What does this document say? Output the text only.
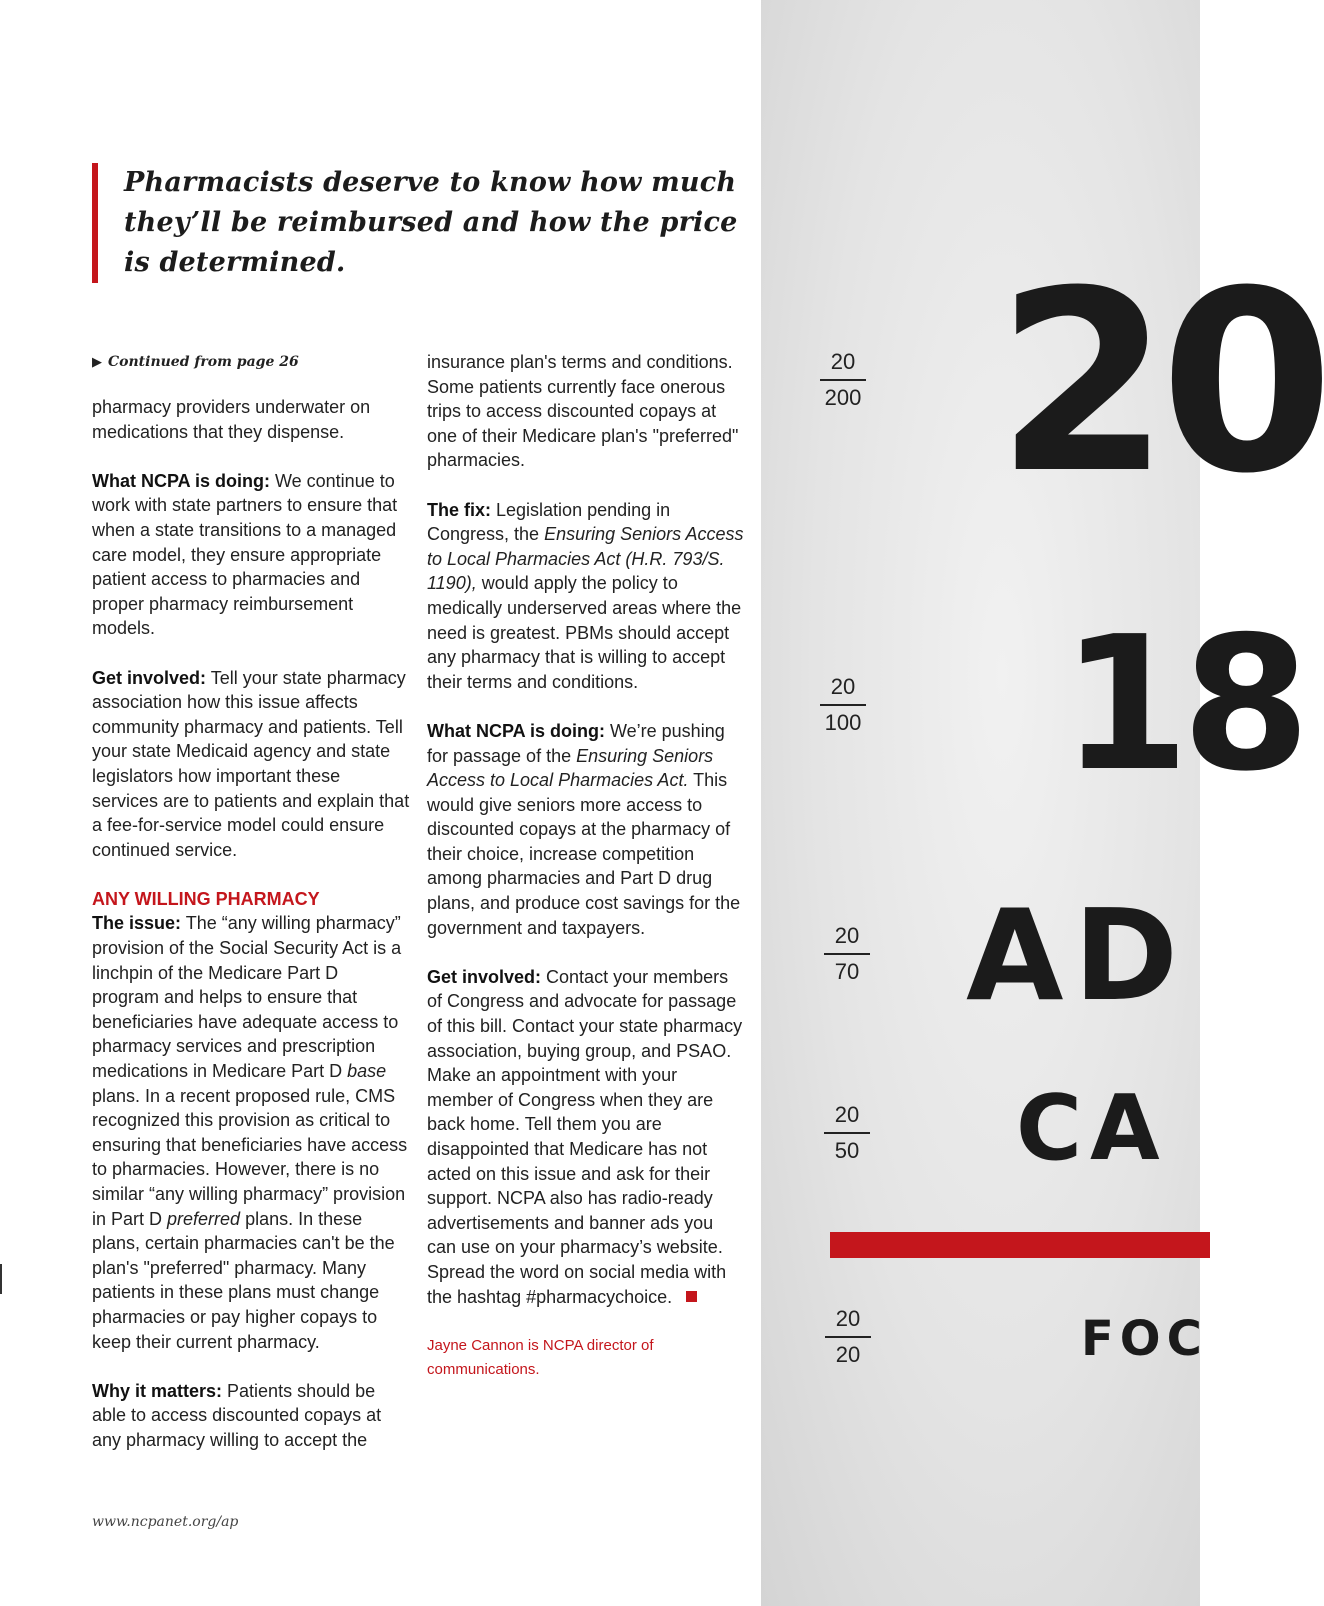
Pharmacists deserve to know how much they’ll be reimbursed and how the price is determined.

▶ Continued from page 26

pharmacy providers underwater on medications that they dispense.

What NCPA is doing: We continue to work with state partners to ensure that when a state transitions to a managed care model, they ensure appropriate patient access to pharmacies and proper pharmacy reimbursement models.

Get involved: Tell your state pharmacy association how this issue affects community pharmacy and patients. Tell your state Medicaid agency and state legislators how important these services are to patients and explain that a fee-for-service model could ensure continued service.

ANY WILLING PHARMACY

The issue: The “any willing pharmacy” provision of the Social Security Act is a linchpin of the Medicare Part D program and helps to ensure that beneficiaries have adequate access to pharmacy services and prescription medications in Medicare Part D base plans. In a recent proposed rule, CMS recognized this provision as critical to ensuring that beneficiaries have access to pharmacies. However, there is no similar “any willing pharmacy” provision in Part D preferred plans. In these plans, certain pharmacies can't be the plan's "preferred" pharmacy. Many patients in these plans must change pharmacies or pay higher copays to keep their current pharmacy.

Why it matters: Patients should be able to access discounted copays at any pharmacy willing to accept the

insurance plan's terms and conditions. Some patients currently face onerous trips to access discounted copays at one of their Medicare plan's "preferred" pharmacies.

The fix: Legislation pending in Congress, the Ensuring Seniors Access to Local Pharmacies Act (H.R. 793/S. 1190), would apply the policy to medically underserved areas where the need is greatest. PBMs should accept any pharmacy that is willing to accept their terms and conditions.

What NCPA is doing: We’re pushing for passage of the Ensuring Seniors Access to Local Pharmacies Act. This would give seniors more access to discounted copays at the pharmacy of their choice, increase competition among pharmacies and Part D drug plans, and produce cost savings for the government and taxpayers.

Get involved: Contact your members of Congress and advocate for passage of this bill. Contact your state pharmacy association, buying group, and PSAO. Make an appointment with your member of Congress when they are back home. Tell them you are disappointed that Medicare has not acted on this issue and ask for their support. NCPA also has radio-ready advertisements and banner ads you can use on your pharmacy’s website. Spread the word on social media with the hashtag #pharmacychoice.

Jayne Cannon is NCPA director of communications.
www.ncpanet.org/ap
20
200
20
100
20
70
20
50
20
20
20
18
AD
CA
FOC
